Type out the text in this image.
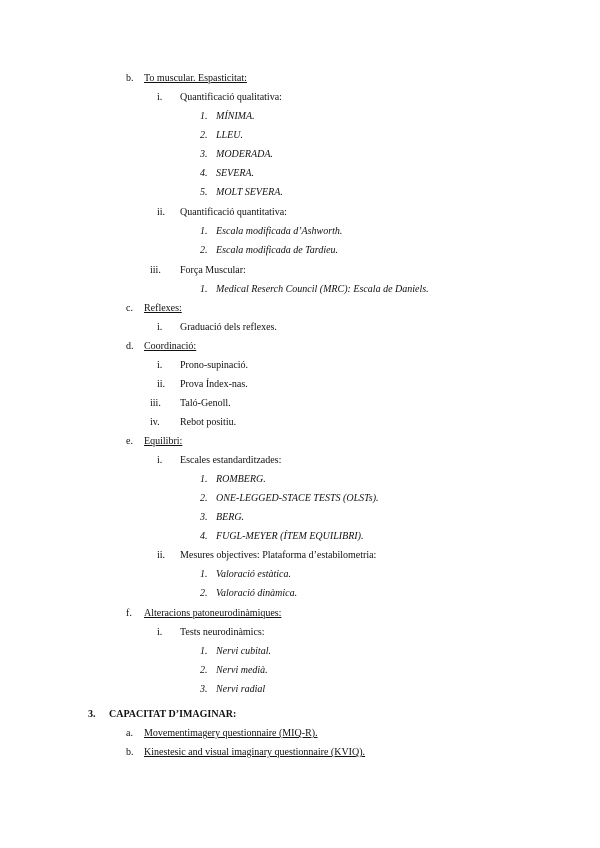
b. To muscular. Espasticitat:
i. Quantificació qualitativa:
1. MÍNIMA.
2. LLEU.
3. MODERADA.
4. SEVERA.
5. MOLT SEVERA.
ii. Quantificació quantitativa:
1. Escala modificada d’Ashworth.
2. Escala modificada de Tardieu.
iii. Força Muscular:
1. Medical Reserch Council (MRC): Escala de Daniels.
c. Reflexes:
i. Graduació dels reflexes.
d. Coordinació:
i. Prono-supinació.
ii. Prova Índex-nas.
iii. Taló-Genoll.
iv. Rebot positiu.
e. Equilibri:
i. Escales estandarditzades:
1. ROMBERG.
2. ONE-LEGGED-STACE TESTS (OLSTs).
3. BERG.
4. FUGL-MEYER (ÍTEM EQUILIBRI).
ii. Mesures objectives: Plataforma d’estabilometria:
1. Valoració estàtica.
2. Valoració dinàmica.
f. Alteracions patoneurodinàmiques:
i. Tests neurodinàmics:
1. Nervi cubital.
2. Nervi medià.
3. Nervi radial
3. CAPACITAT D’IMAGINAR:
a. Movementimagery questionnaire (MIQ-R).
b. Kinestesic and visual imaginary questionnaire (KVIQ).
